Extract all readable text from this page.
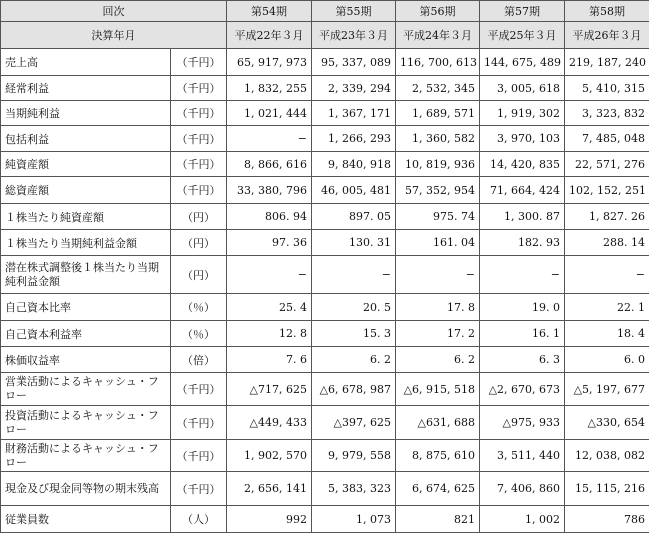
回次		第54期	第55期	第56期	第57期	第58期
決算年月		平成22年３月	平成23年３月	平成24年３月	平成25年３月	平成26年３月
売上高	（千円）	65, 917, 973	95, 337, 089	116, 700, 613	144, 675, 489	219, 187, 240
経常利益	（千円）	1, 832, 255	2, 339, 294	2, 532, 345	3, 005, 618	5, 410, 315
当期純利益	（千円）	1, 021, 444	1, 367, 171	1, 689, 571	1, 919, 302	3, 323, 832
包括利益	（千円）	−	1, 266, 293	1, 360, 582	3, 970, 103	7, 485, 048
純資産額	（千円）	8, 866, 616	9, 840, 918	10, 819, 936	14, 420, 835	22, 571, 276
総資産額	（千円）	33, 380, 796	46, 005, 481	57, 352, 954	71, 664, 424	102, 152, 251
１株当たり純資産額	（円）	806. 94	897. 05	975. 74	1, 300. 87	1, 827. 26
１株当たり当期純利益金額	（円）	97. 36	130. 31	161. 04	182. 93	288. 14
潜在株式調整後１株当たり当期純利益金額	（円）	−	−	−	−	−
自己資本比率	（％）	25. 4	20. 5	17. 8	19. 0	22. 1
自己資本利益率	（％）	12. 8	15. 3	17. 2	16. 1	18. 4
株価収益率	（倍）	7. 6	6. 2	6. 2	6. 3	6. 0
営業活動によるキャッシュ・フロー	（千円）	△717, 625	△6, 678, 987	△6, 915, 518	△2, 670, 673	△5, 197, 677
投資活動によるキャッシュ・フロー	（千円）	△449, 433	△397, 625	△631, 688	△975, 933	△330, 654
財務活動によるキャッシュ・フロー	（千円）	1, 902, 570	9, 979, 558	8, 875, 610	3, 511, 440	12, 038, 082
現金及び現金同等物の期末残高	（千円）	2, 656, 141	5, 383, 323	6, 674, 625	7, 406, 860	15, 115, 216
従業員数	（人）	992	1, 073	821	1, 002	786
